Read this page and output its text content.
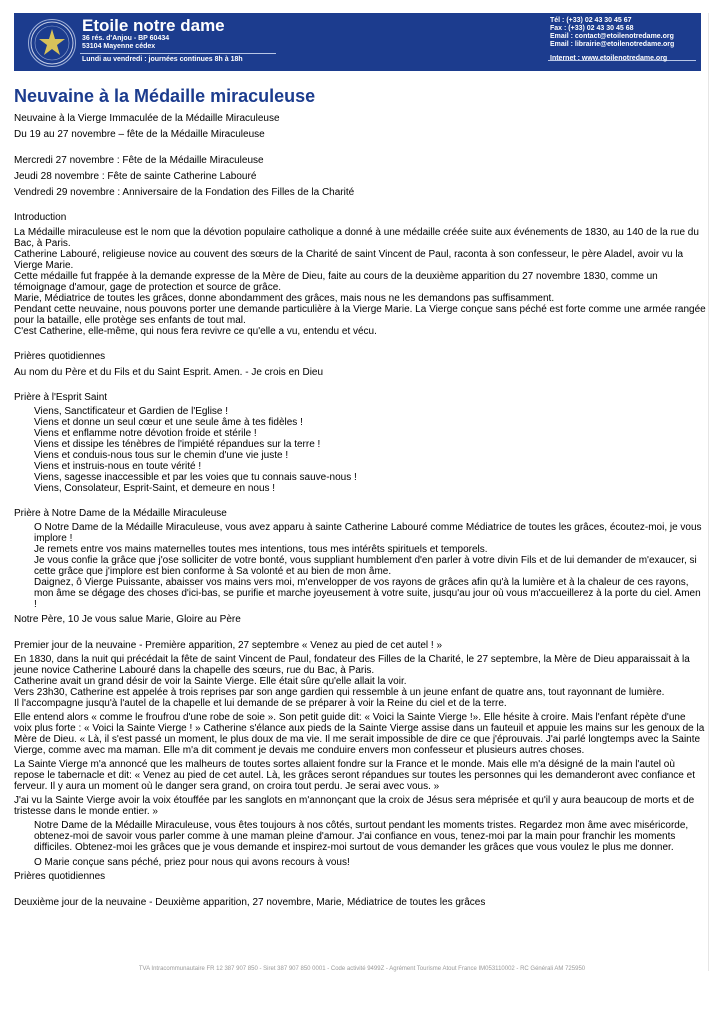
Etoile notre dame
36 rés. d'Anjou - BP 60434
53104 Mayenne cédex
Lundi au vendredi : journées continues 8h à 18h
Tél : (+33) 02 43 30 45 67
Fax : (+33) 02 43 30 45 68
Email : contact@etoilenotredame.org
Email : librairie@etoilenotredame.org
Internet : www.etoilenotredame.org
Neuvaine à la Médaille miraculeuse

Neuvaine à la Vierge Immaculée de la Médaille Miraculeuse

Du 19 au 27 novembre – fête de la Médaille Miraculeuse

Mercredi 27 novembre : Fête de la Médaille Miraculeuse

Jeudi 28 novembre : Fête de sainte Catherine Labouré

Vendredi 29 novembre : Anniversaire de la Fondation des Filles de la Charité

Introduction

La Médaille miraculeuse est le nom que la dévotion populaire catholique a donné à une médaille créée suite aux événements de 1830, au 140 de la rue du Bac, à Paris.

Catherine Labouré, religieuse novice au couvent des sœurs de la Charité de saint Vincent de Paul, raconta à son confesseur, le père Aladel, avoir vu la Vierge Marie.

Cette médaille fut frappée à la demande expresse de la Mère de Dieu, faite au cours de la deuxième apparition du 27 novembre 1830, comme un témoignage d'amour, gage de protection et source de grâce.

Marie, Médiatrice de toutes les grâces, donne abondamment des grâces, mais nous ne les demandons pas suffisamment.

Pendant cette neuvaine, nous pouvons porter une demande particulière à la Vierge Marie. La Vierge conçue sans péché est forte comme une armée rangée pour la bataille, elle protège ses enfants de tout mal.

C'est Catherine, elle-même, qui nous fera revivre ce qu'elle a vu, entendu et vécu.

Prières quotidiennes

Au nom du Père et du Fils et du Saint Esprit. Amen. - Je crois en Dieu

Prière à l'Esprit Saint

Viens, Sanctificateur et Gardien de l'Eglise !

Viens et donne un seul cœur et une seule âme à tes fidèles !

Viens et enflamme notre dévotion froide et stérile !

Viens et dissipe les ténèbres de l'impiété répandues sur la terre !

Viens et conduis-nous tous sur le chemin d'une vie juste !

Viens et instruis-nous en toute vérité !

Viens, sagesse inaccessible et par les voies que tu connais sauve-nous !

Viens, Consolateur, Esprit-Saint, et demeure en nous !

Prière à Notre Dame de la Médaille Miraculeuse

O Notre Dame de la Médaille Miraculeuse, vous avez apparu à sainte Catherine Labouré comme Médiatrice de toutes les grâces, écoutez-moi, je vous implore !

Je remets entre vos mains maternelles toutes mes intentions, tous mes intérêts spirituels et temporels.

Je vous confie la grâce que j'ose solliciter de votre bonté, vous suppliant humblement d'en parler à votre divin Fils et de lui demander de m'exaucer, si cette grâce que j'implore est bien conforme à Sa volonté et au bien de mon âme.

Daignez, ô Vierge Puissante, abaisser vos mains vers moi, m'envelopper de vos rayons de grâces afin qu'à la lumière et à la chaleur de ces rayons, mon âme se dégage des choses d'ici-bas, se purifie et marche joyeusement à votre suite, jusqu'au jour où vous m'accueillerez à la porte du ciel. Amen !

Notre Père, 10 Je vous salue Marie, Gloire au Père

Premier jour de la neuvaine - Première apparition, 27 septembre « Venez au pied de cet autel ! »

En 1830, dans la nuit qui précédait la fête de saint Vincent de Paul, fondateur des Filles de la Charité, le 27 septembre, la Mère de Dieu apparaissait à la jeune novice Catherine Labouré dans la chapelle des sœurs, rue du Bac, à Paris.

Catherine avait un grand désir de voir la Sainte Vierge. Elle était sûre qu'elle allait la voir.

Vers 23h30, Catherine est appelée à trois reprises par son ange gardien qui ressemble à un jeune enfant de quatre ans, tout rayonnant de lumière.

Il l'accompagne jusqu'à l'autel de la chapelle et lui demande de se préparer à voir la Reine du ciel et de la terre.

Elle entend alors « comme le froufrou d'une robe de soie ». Son petit guide dit: « Voici la Sainte Vierge !». Elle hésite à croire. Mais l'enfant répète d'une voix plus forte : « Voici la Sainte Vierge ! » Catherine s'élance aux pieds de la Sainte Vierge assise dans un fauteuil et appuie les mains sur les genoux de la Mère de Dieu. « Là, il s'est passé un moment, le plus doux de ma vie. Il me serait impossible de dire ce que j'éprouvais. J'ai parlé longtemps avec la Sainte Vierge, comme avec ma maman. Elle m'a dit comment je devais me conduire envers mon confesseur et plusieurs autres choses.

La Sainte Vierge m'a annoncé que les malheurs de toutes sortes allaient fondre sur la France et le monde. Mais elle m'a désigné de la main l'autel où repose le tabernacle et dit: « Venez au pied de cet autel. Là, les grâces seront répandues sur toutes les personnes qui les demanderont avec confiance et ferveur. Il y aura un moment où le danger sera grand, on croira tout perdu. Je serai avec vous. »

J'ai vu la Sainte Vierge avoir la voix étouffée par les sanglots en m'annonçant que la croix de Jésus sera méprisée et qu'il y aura beaucoup de morts et de tristesse dans le monde entier. »

Notre Dame de la Médaille Miraculeuse, vous êtes toujours à nos côtés, surtout pendant les moments tristes. Regardez mon âme avec miséricorde, obtenez-moi de savoir vous parler comme à une maman pleine d'amour. J'ai confiance en vous, tenez-moi par la main pour franchir les moments difficiles. Obtenez-moi les grâces que je vous demande et inspirez-moi surtout de vous demander les grâces que vous voulez le plus me donner.

O Marie conçue sans péché, priez pour nous qui avons recours à vous!

Prières quotidiennes

Deuxième jour de la neuvaine - Deuxième apparition, 27 novembre, Marie, Médiatrice de toutes les grâces

TVA Intracommunautaire FR 12 387 907 850 - Siret 387 907 850 0001 - Code activité 9499Z - Agrément Tourisme Atout France IM053110002 - RC Générali AM 725950
